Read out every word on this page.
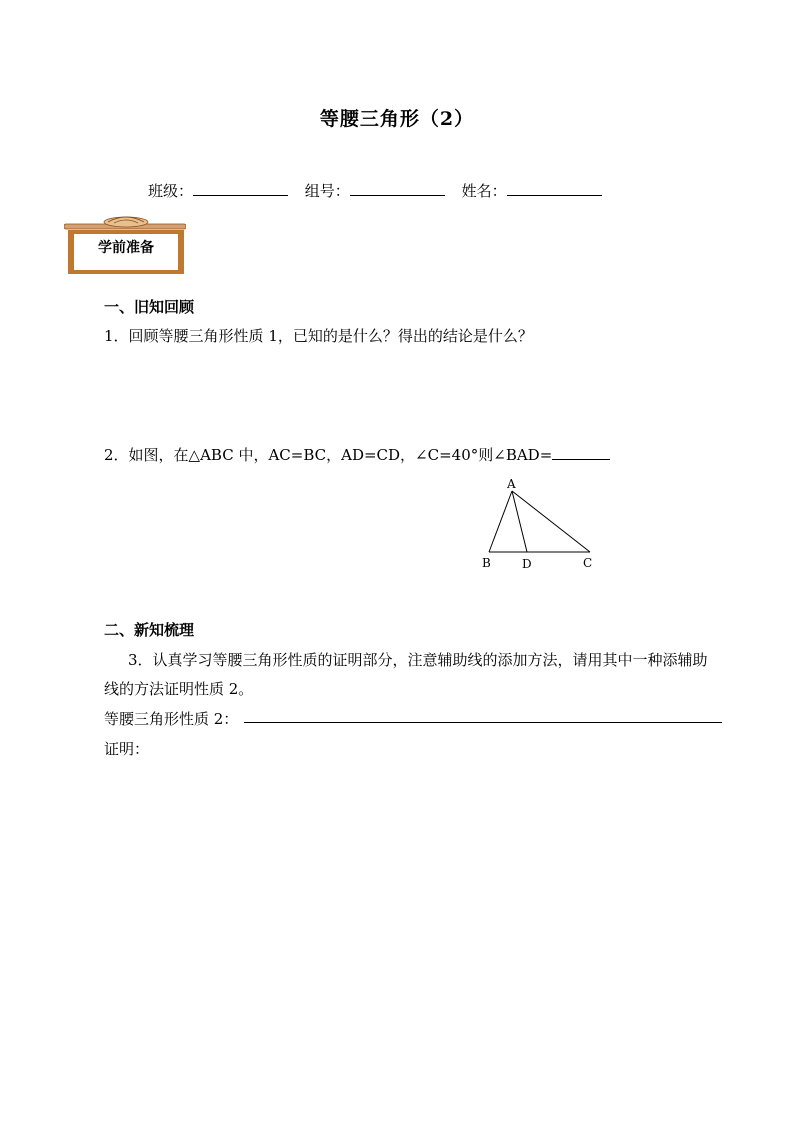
等腰三角形（2）
班级：	组号：	姓名：
学前准备
一、旧知回顾
1．回顾等腰三角形性质 1，已知的是什么？得出的结论是什么？
2．如图，在△ABC 中，AC=BC，AD=CD，∠C=40°则∠BAD=
A
B	D	C
二、新知梳理
3．认真学习等腰三角形性质的证明部分，注意辅助线的添加方法，请用其中一种添辅助
线的方法证明性质 2。
等腰三角形性质 2：
证明：
